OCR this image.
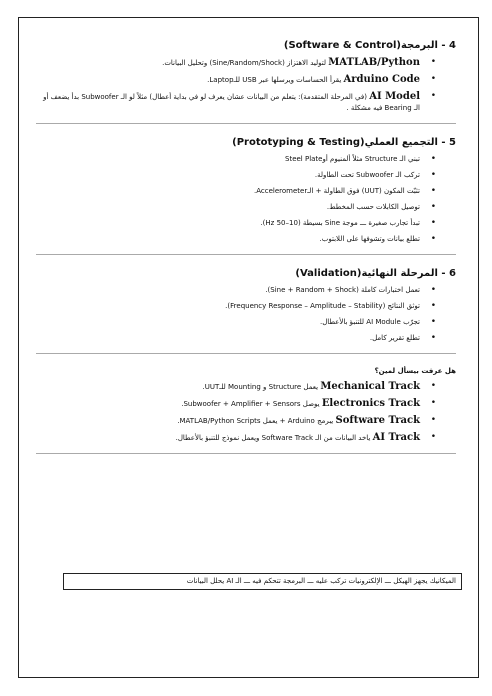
4 - البرمجة(Software & Control)
• MATLAB/Python لتوليد الاهتزاز (Sine/Random/Shock) وتحليل البيانات.
• Arduino Code يقرأ الحساسات ويرسلها عبر USB للـLaptop.
• AI Model (في المرحلة المتقدمة): يتعلم من البيانات عشان يعرف لو في بداية أعطال) مثلاً لو الـ Subwoofer بدأ يضعف أو الـ Bearing فيه مشكلة .
5 - التجميع العملي(Prototyping & Testing)
• تبني الـ Structure مثلاً ألمنيوم أوSteel Plate
• تركب الـ Subwoofer تحت الطاولة.
• تثبّت المكون (UUT) فوق الطاولة + الـAccelerometer.
• توصيل الكابلات حسب المخطط.
• تبدأ تجارب صغيرة ـــ موجة Sine بسيطة (10–50 Hz).
• تطلع بيانات وتشوفها على اللابتوب.
6 - المرحلة النهائية(Validation)
• تعمل اختبارات كاملة (Sine + Random + Shock).
• توثق النتائج (Frequency Response – Amplitude – Stability).
• تجرّب AI Module للتنبؤ بالأعطال.
• تطلع تقرير كامل.
هل عرفت بيسأل لمين؟
• Mechanical Track يعمل Structure و Mounting للـUUT.
• Electronics Track يوصل Subwoofer + Amplifier + Sensors.
• Software Track يبرمج Arduino + يعمل MATLAB/Python Scripts.
• AI Track ياخد البيانات من الـ Software Track ويعمل نموذج للتنبؤ بالأعطال.
الميكانيك يجهز الهيكل ـــ الإلكترونيات تركب عليه ـــ البرمجة تتحكم فيه ـــ الـ AI يحلل البيانات
